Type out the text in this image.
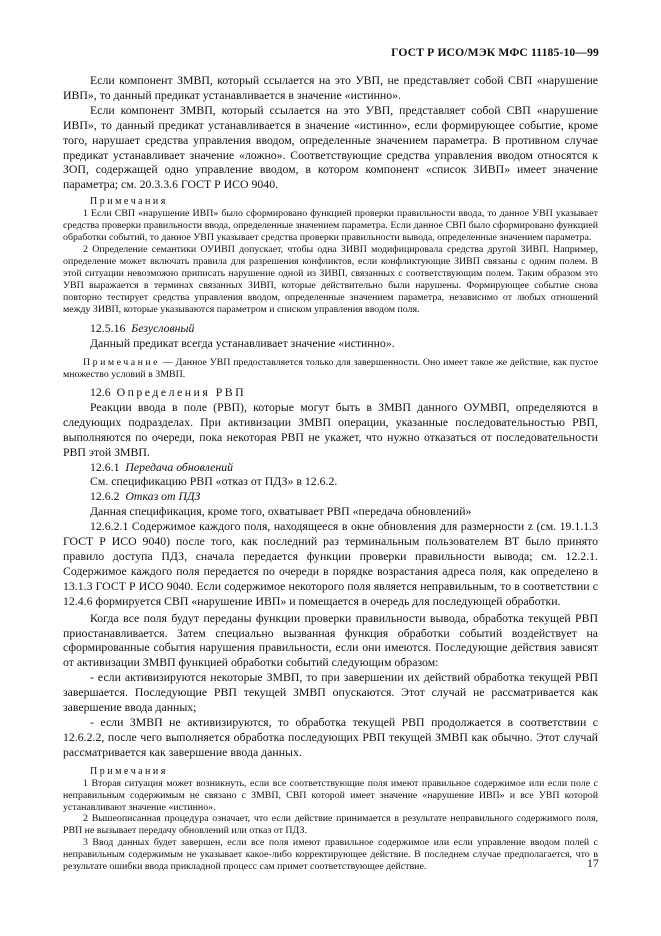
ГОСТ Р ИСО/МЭК МФС 11185-10—99

Если компонент ЗМВП, который ссылается на это УВП, не представляет собой СВП «нарушение ИВП», то данный предикат устанавливается в значение «истинно».

Если компонент ЗМВП, который ссылается на это УВП, представляет собой СВП «нарушение ИВП», то данный предикат устанавливается в значение «истинно», если формирующее событие, кроме того, нарушает средства управления вводом, определенные значением параметра. В противном случае предикат устанавливает значение «ложно». Соответствующие средства управления вводом относятся к ЗОП, содержащей одно управление вводом, в котором компонент «список ЗИВП» имеет значение параметра; см. 20.3.3.6 ГОСТ Р ИСО 9040.

Примечания

1 Если СВП «нарушение ИВП» было сформировано функцией проверки правильности ввода, то данное УВП указывает средства проверки правильности ввода, определенные значением параметра. Если данное СВП было сформировано функцией обработки событий, то данное УВП указывает средства проверки правильности вывода, определенные значением параметра.

2 Определение семантики ОУИВП допускает, чтобы одна ЗИВП модифицировала средства другой ЗИВП. Например, определение может включать правила для разрешения конфликтов, если конфликтующие ЗИВП связаны с одним полем. В этой ситуации невозможно приписать нарушение одной из ЗИВП, связанных с соответствующим полем. Таким образом это УВП выражается в терминах связанных ЗИВП, которые действительно были нарушены. Формирующее событие снова повторно тестирует средства управления вводом, определенные значением параметра, независимо от любых отношений между ЗИВП, которые указываются параметром и списком управления вводом поля.

12.5.16 Безусловный

Данный предикат всегда устанавливает значение «истинно».

Примечание — Данное УВП предоставляется только для завершенности. Оно имеет такое же действие, как пустое множество условий в ЗМВП.

12.6 Определения РВП

Реакции ввода в поле (РВП), которые могут быть в ЗМВП данного ОУМВП, определяются в следующих подразделах. При активизации ЗМВП операции, указанные последовательностью РВП, выполняются по очереди, пока некоторая РВП не укажет, что нужно отказаться от последовательности РВП этой ЗМВП.

12.6.1 Передача обновлений

См. спецификацию РВП «отказ от ПДЗ» в 12.6.2.

12.6.2 Отказ от ПДЗ

Данная спецификация, кроме того, охватывает РВП «передача обновлений»

12.6.2.1 Содержимое каждого поля, находящееся в окне обновления для размерности z (см. 19.1.1.3 ГОСТ Р ИСО 9040) после того, как последний раз терминальным пользователем ВТ было принято правило доступа ПДЗ, сначала передается функции проверки правильности вывода; см. 12.2.1. Содержимое каждого поля передается по очереди в порядке возрастания адреса поля, как определено в 13.1.3 ГОСТ Р ИСО 9040. Если содержимое некоторого поля является неправильным, то в соответствии с 12.4.6 формируется СВП «нарушение ИВП» и помещается в очередь для последующей обработки.

Когда все поля будут переданы функции проверки правильности вывода, обработка текущей РВП приостанавливается. Затем специально вызванная функция обработки событий воздействует на сформированные события нарушения правильности, если они имеются. Последующие действия зависят от активизации ЗМВП функцией обработки событий следующим образом:

- если активизируются некоторые ЗМВП, то при завершении их действий обработка текущей РВП завершается. Последующие РВП текущей ЗМВП опускаются. Этот случай не рассматривается как завершение ввода данных;

- если ЗМВП не активизируются, то обработка текущей РВП продолжается в соответствии с 12.6.2.2, после чего выполняется обработка последующих РВП текущей ЗМВП как обычно. Этот случай рассматривается как завершение ввода данных.

Примечания

1 Вторая ситуация может возникнуть, если все соответствующие поля имеют правильное содержимое или если поле с неправильным содержимым не связано с ЗМВП, СВП которой имеет значение «нарушение ИВП» и все УВП которой устанавливают значение «истинно».

2 Вышеописанная процедура означает, что если действие принимается в результате неправильного содержимого поля, РВП не вызывает передачу обновлений или отказ от ПДЗ.

3 Ввод данных будет завершен, если все поля имеют правильное содержимое или если управление вводом полей с неправильным содержимым не указывает какое-либо корректирующее действие. В последнем случае предполагается, что в результате ошибки ввода прикладной процесс сам примет соответствующее действие.	17
